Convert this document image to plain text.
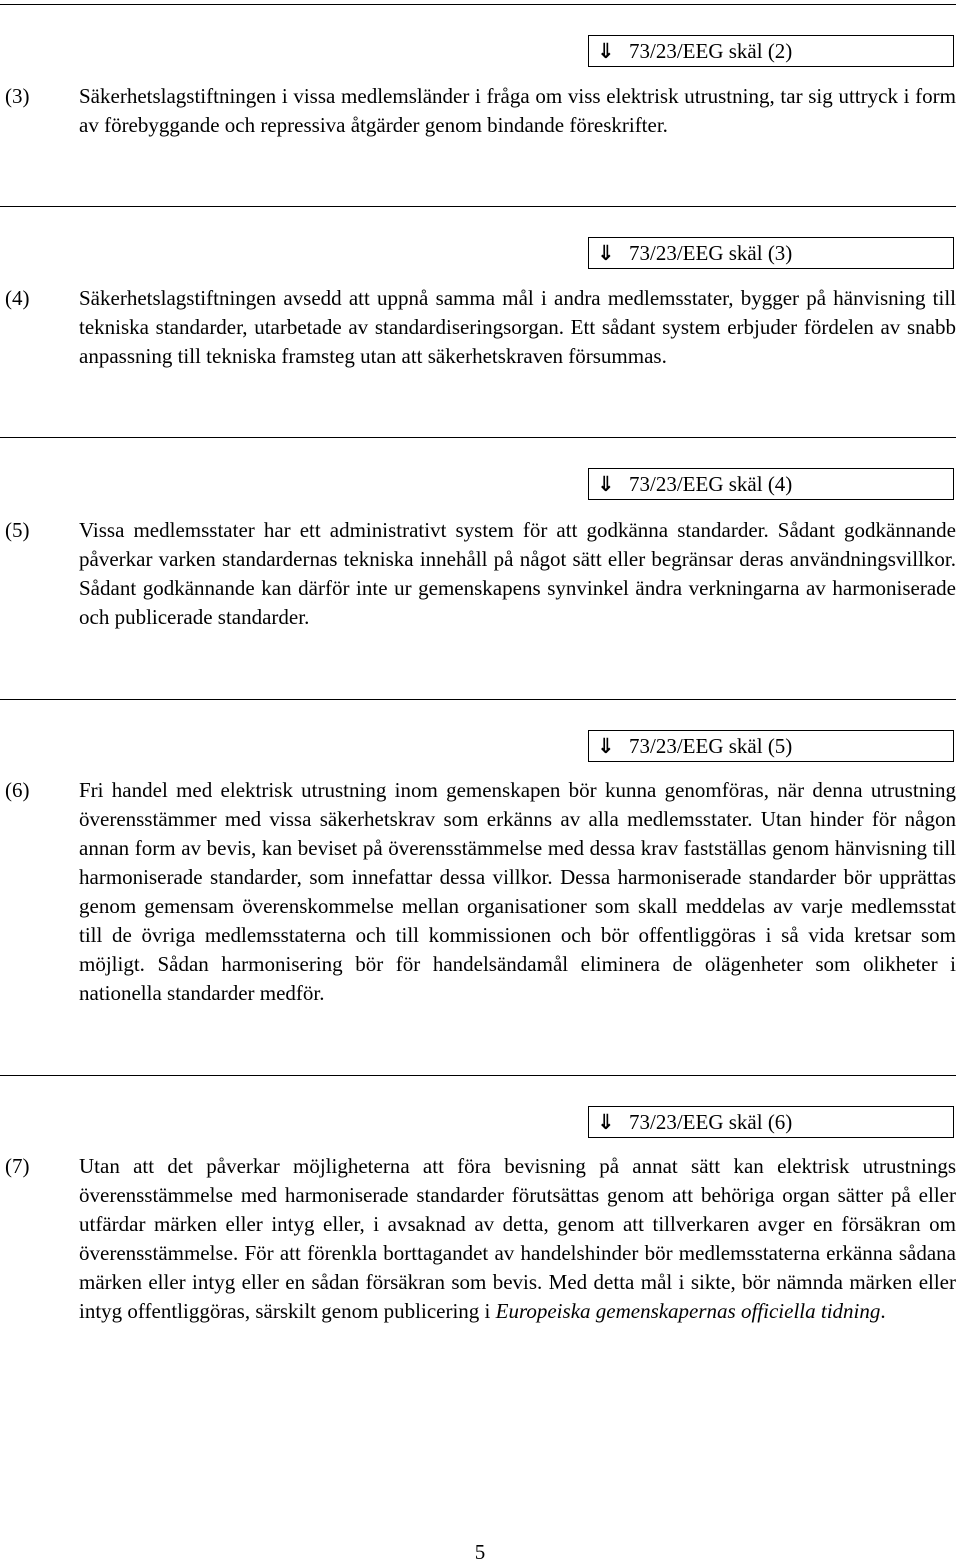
⇓ 73/23/EEG skäl (2)
(3) Säkerhetslagstiftningen i vissa medlemsländer i fråga om viss elektrisk utrustning, tar sig uttryck i form av förebyggande och repressiva åtgärder genom bindande föreskrifter.
⇓ 73/23/EEG skäl (3)
(4) Säkerhetslagstiftningen avsedd att uppnå samma mål i andra medlemsstater, bygger på hänvisning till tekniska standarder, utarbetade av standardiseringsorgan. Ett sådant system erbjuder fördelen av snabb anpassning till tekniska framsteg utan att säkerhetskraven försummas.
⇓ 73/23/EEG skäl (4)
(5) Vissa medlemsstater har ett administrativt system för att godkänna standarder. Sådant godkännande påverkar varken standardernas tekniska innehåll på något sätt eller begränsar deras användningsvillkor. Sådant godkännande kan därför inte ur gemenskapens synvinkel ändra verkningarna av harmoniserade och publicerade standarder.
⇓ 73/23/EEG skäl (5)
(6) Fri handel med elektrisk utrustning inom gemenskapen bör kunna genomföras, när denna utrustning överensstämmer med vissa säkerhetskrav som erkänns av alla medlemsstater. Utan hinder för någon annan form av bevis, kan beviset på överensstämmelse med dessa krav fastställas genom hänvisning till harmoniserade standarder, som innefattar dessa villkor. Dessa harmoniserade standarder bör upprättas genom gemensam överenskommelse mellan organisationer som skall meddelas av varje medlemsstat till de övriga medlemsstaterna och till kommissionen och bör offentliggöras i så vida kretsar som möjligt. Sådan harmonisering bör för handelsändamål eliminera de olägenheter som olikheter i nationella standarder medför.
⇓ 73/23/EEG skäl (6)
(7) Utan att det påverkar möjligheterna att föra bevisning på annat sätt kan elektrisk utrustnings överensstämmelse med harmoniserade standarder förutsättas genom att behöriga organ sätter på eller utfärdar märken eller intyg eller, i avsaknad av detta, genom att tillverkaren avger en försäkran om överensstämmelse. För att förenkla borttagandet av handelshinder bör medlemsstaterna erkänna sådana märken eller intyg eller en sådan försäkran som bevis. Med detta mål i sikte, bör nämnda märken eller intyg offentliggöras, särskilt genom publicering i Europeiska gemenskapernas officiella tidning.
5
